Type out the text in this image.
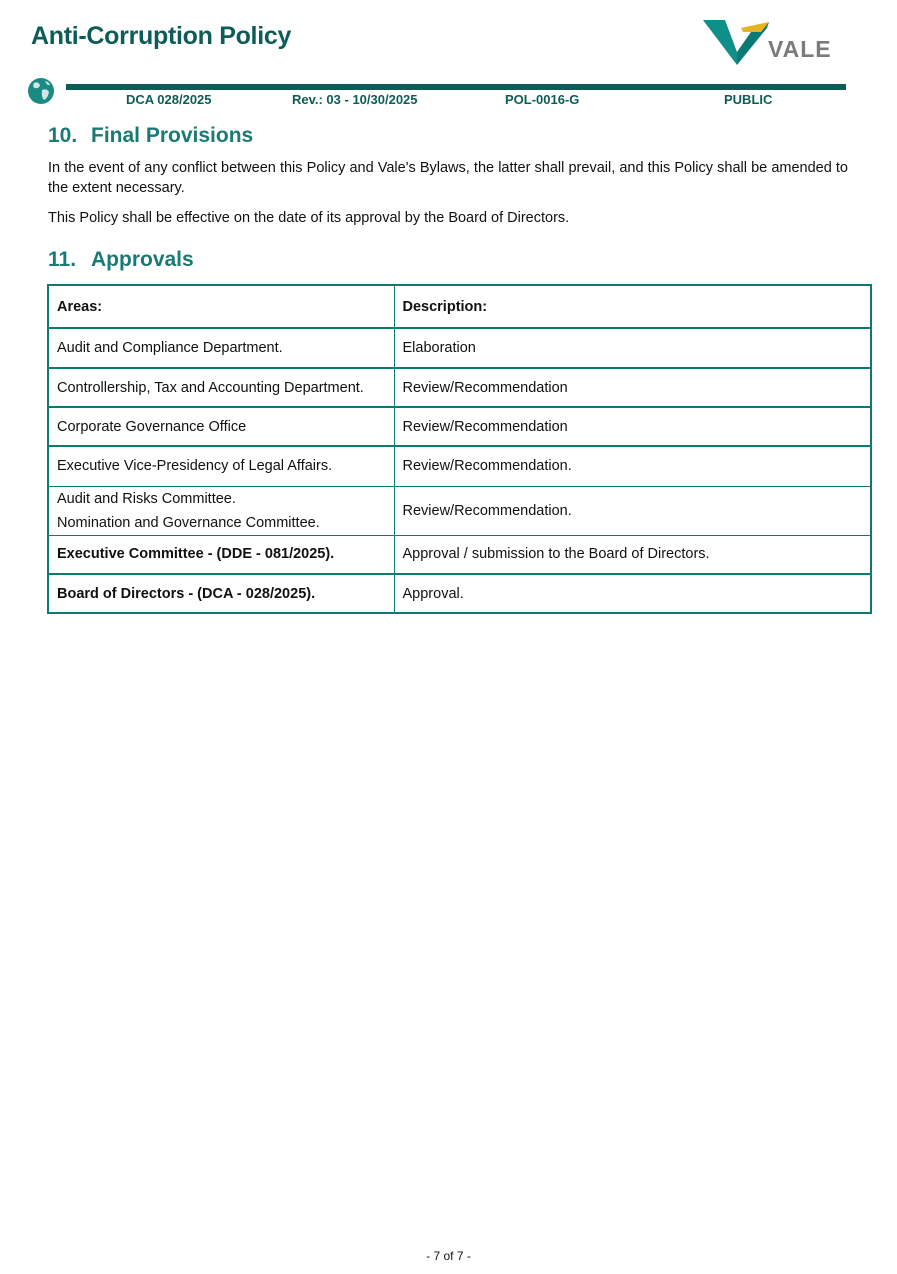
Anti-Corruption Policy	VALE
DCA 028/2025	Rev.: 03 - 10/30/2025	POL-0016-G	PUBLIC
10. Final Provisions

In the event of any conflict between this Policy and Vale's Bylaws, the latter shall prevail, and this Policy shall be amended to the extent necessary.

This Policy shall be effective on the date of its approval by the Board of Directors.

11. Approvals
Areas:	Description:
Audit and Compliance Department.	Elaboration
Controllership, Tax and Accounting Department.	Review/Recommendation
Corporate Governance Office	Review/Recommendation
Executive Vice-Presidency of Legal Affairs.	Review/Recommendation.

Audit and Risks Committee.
Nomination and Governance Committee.	Review/Recommendation.
Executive Committee - (DDE - 081/2025).	Approval / submission to the Board of Directors.
Board of Directors - (DCA - 028/2025).	Approval.
- 7 of 7 -
